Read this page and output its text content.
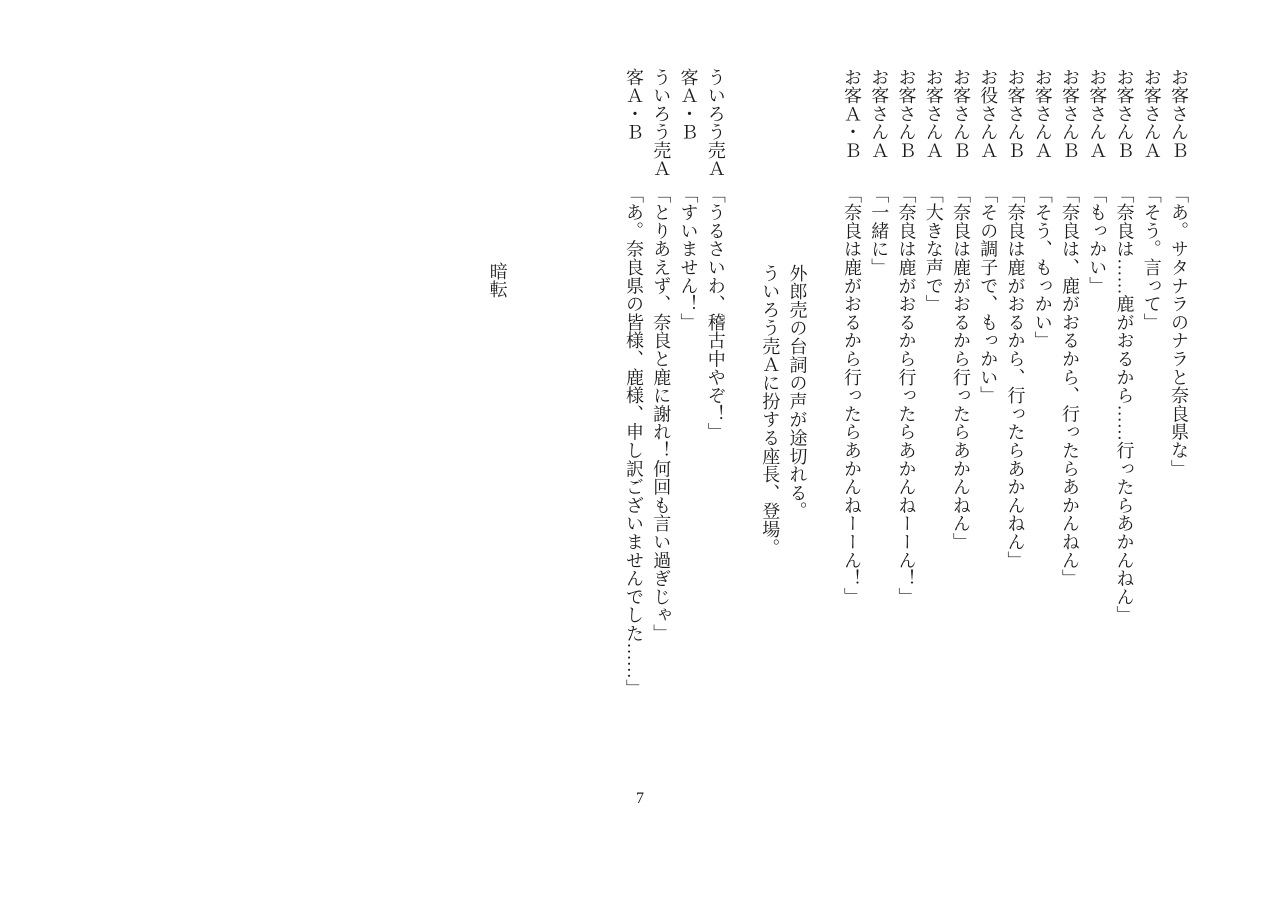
お客さんＢ
「あ。サタナラのナラと奈良県な」
お客さんＡ
「そう。言って」
お客さんＢ
「奈良は……鹿がおるから……行ったらあかんねん」
お客さんＡ
「もっかい」
お客さんＢ
「奈良は、鹿がおるから、行ったらあかんねん」
お客さんＡ
「そう、もっかい」
お客さんＢ
「奈良は鹿がおるから、行ったらあかんねん」
お役さんＡ
「その調子で、もっかい」
お客さんＢ
「奈良は鹿がおるから行ったらあかんねん」
お客さんＡ
「大きな声で」
お客さんＢ
「奈良は鹿がおるから行ったらあかんねーーん！」
お客さんＡ
「一緒に」
お客Ａ・Ｂ
「奈良は鹿がおるから行ったらあかんねーーん！」
外郎売の台詞の声が途切れる。
ういろう売Ａに扮する座長、登場。
ういろう売Ａ
「うるさいわ、稽古中やぞ！」
客Ａ・Ｂ
「すいません！」
ういろう売Ａ
「とりあえず、奈良と鹿に謝れ！何回も言い過ぎじゃ」
客Ａ・Ｂ
「あ。奈良県の皆様、鹿様、申し訳ございませんでした……」
暗転
7
